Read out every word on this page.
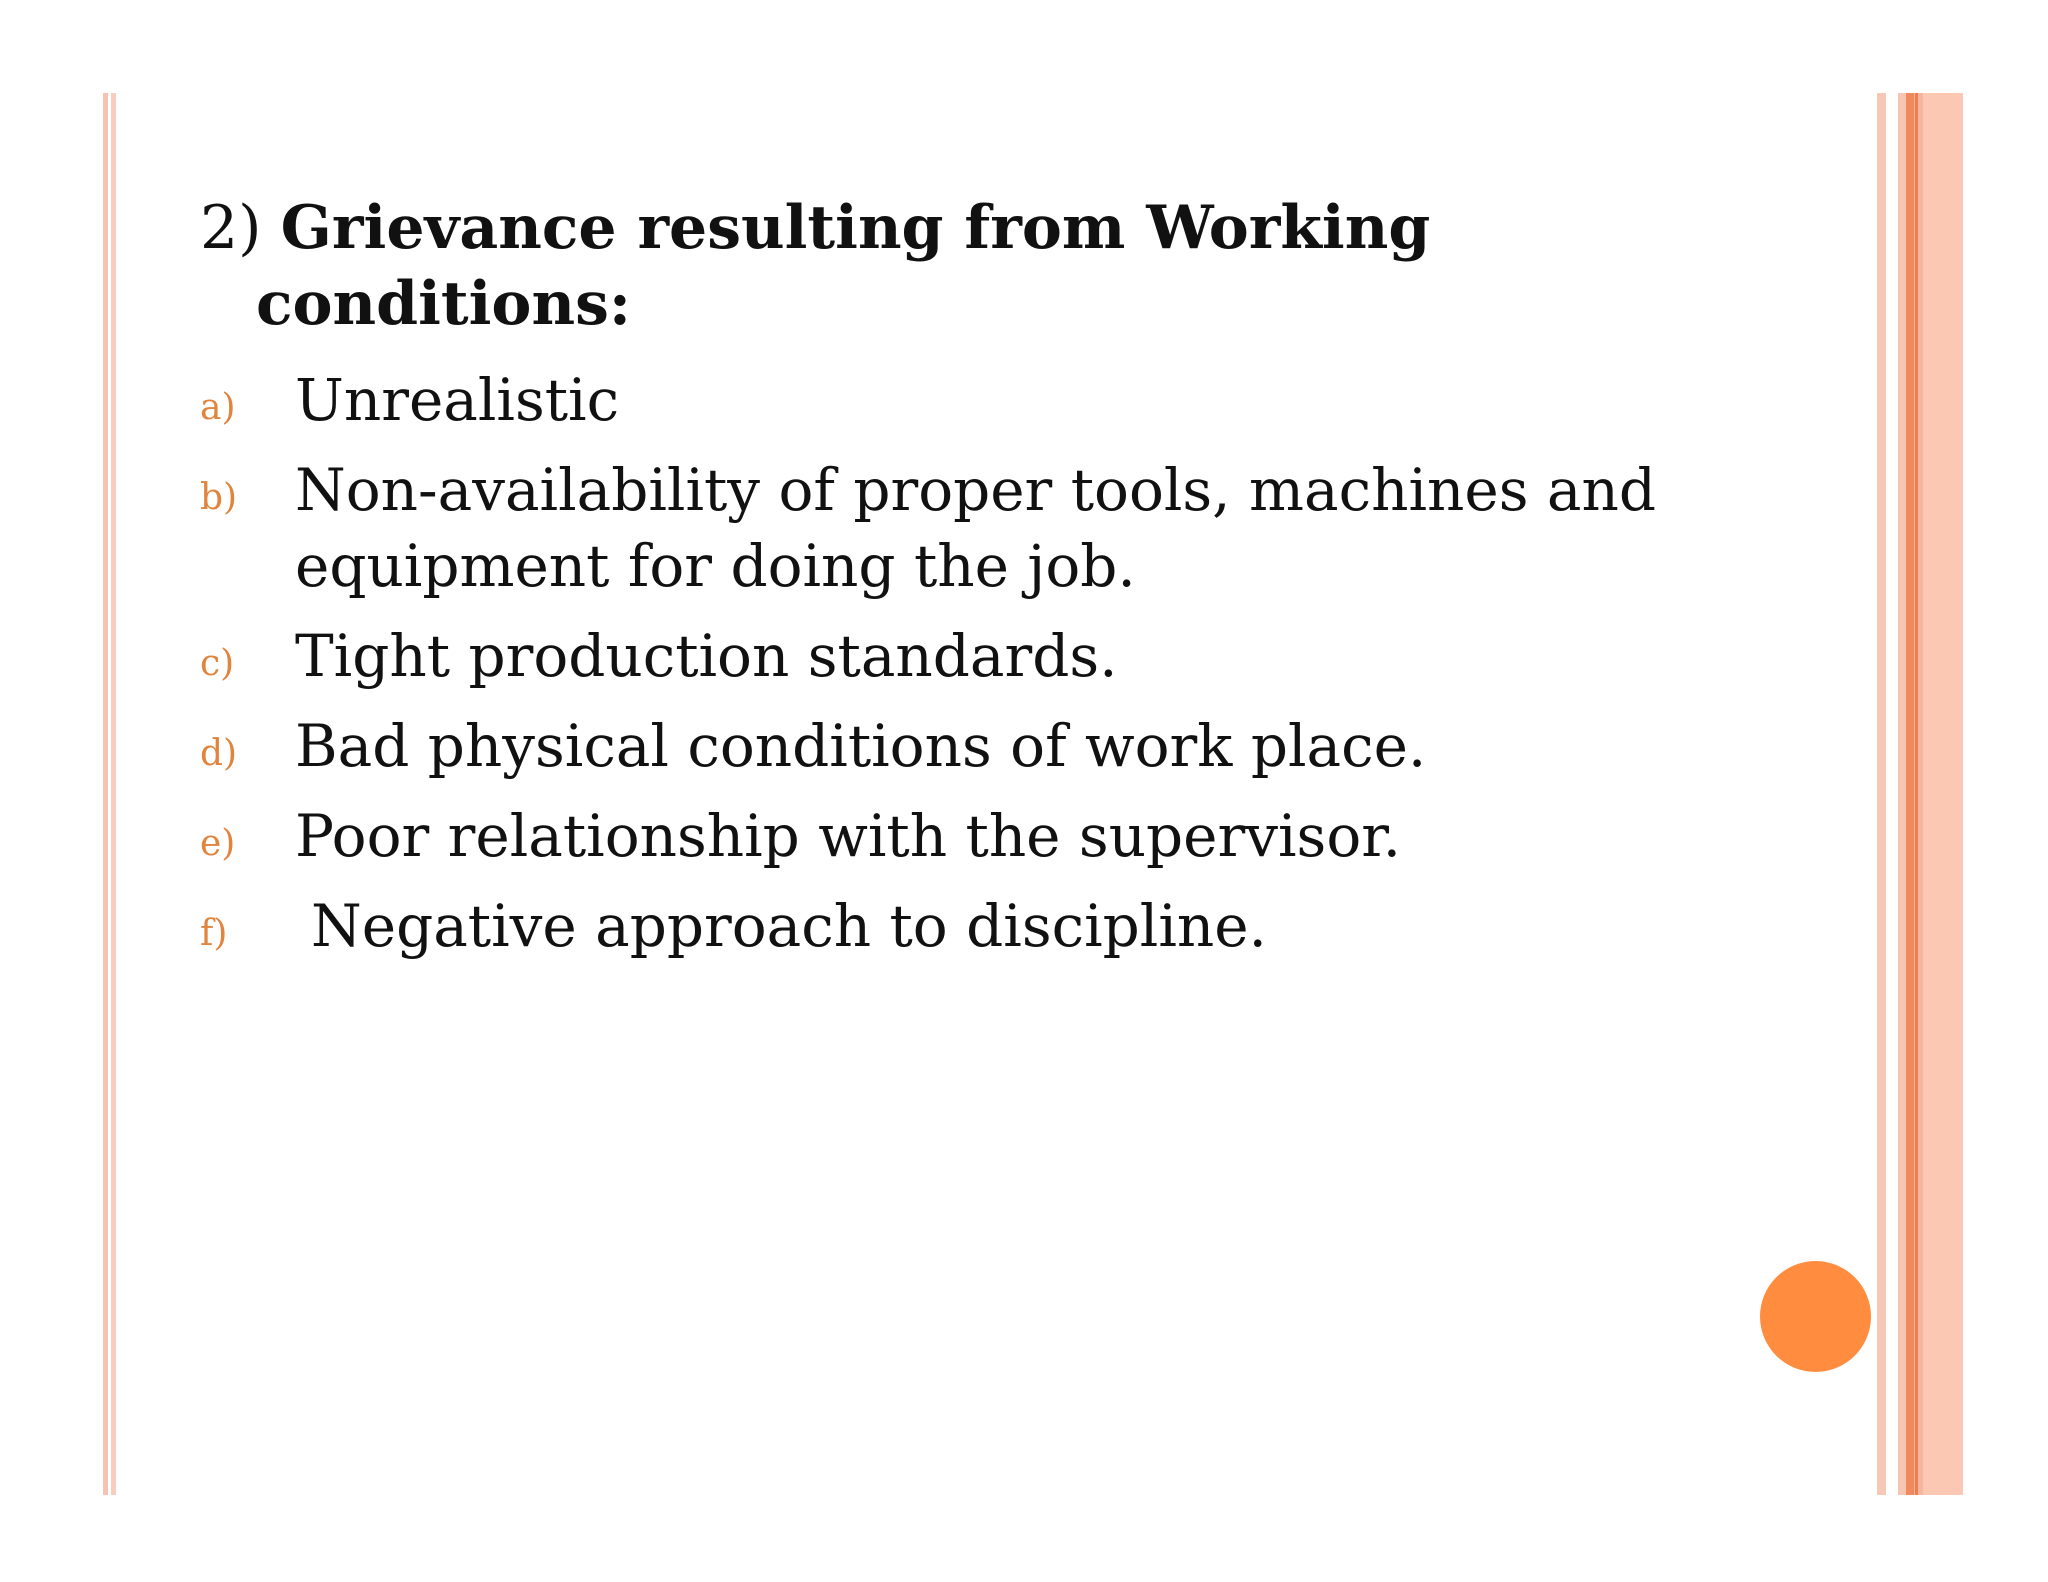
2) Grievance resulting from Working
conditions:
a) Unrealistic
b) Non-availability of proper tools, machines and equipment for doing the job.
c) Tight production standards.
d) Bad physical conditions of work place.
e) Poor relationship with the supervisor.
f) Negative approach to discipline.
